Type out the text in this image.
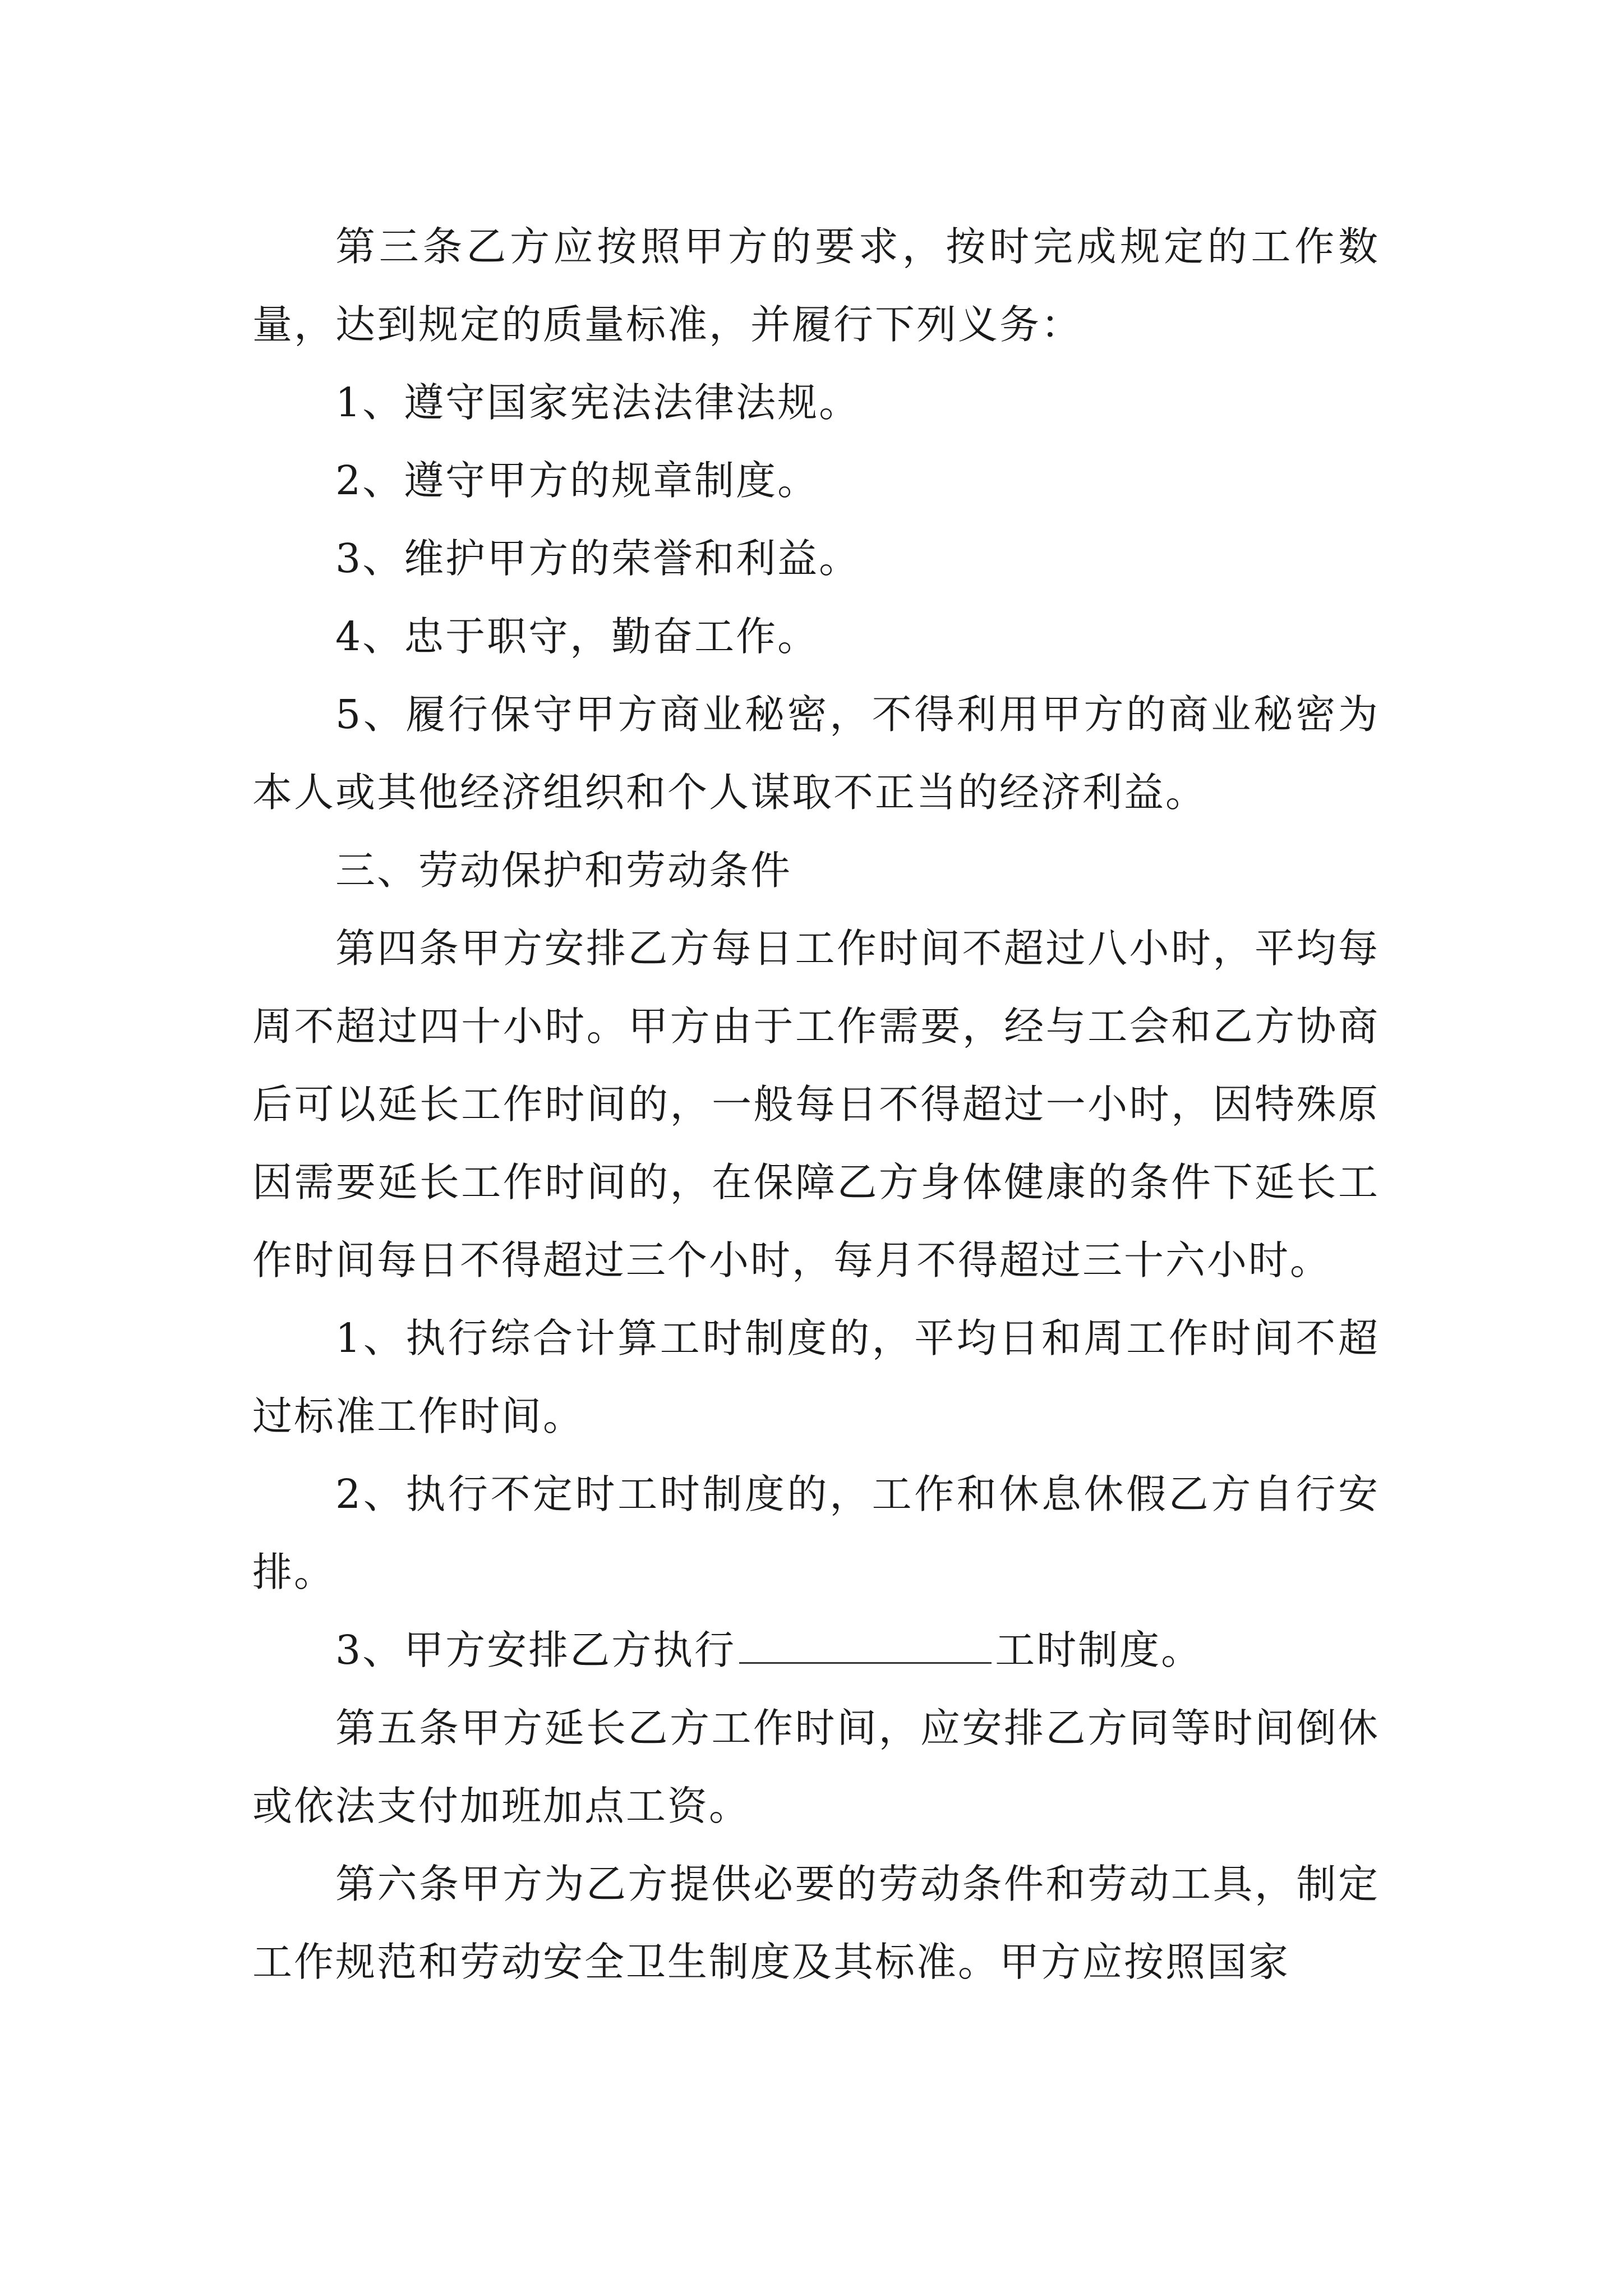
第三条乙方应按照甲方的要求，按时完成规定的工作数量，达到规定的质量标准，并履行下列义务：

1、遵守国家宪法法律法规。

2、遵守甲方的规章制度。

3、维护甲方的荣誉和利益。

4、忠于职守，勤奋工作。

5、履行保守甲方商业秘密，不得利用甲方的商业秘密为本人或其他经济组织和个人谋取不正当的经济利益。

三、劳动保护和劳动条件

第四条甲方安排乙方每日工作时间不超过八小时，平均每周不超过四十小时。甲方由于工作需要，经与工会和乙方协商后可以延长工作时间的，一般每日不得超过一小时，因特殊原因需要延长工作时间的，在保障乙方身体健康的条件下延长工作时间每日不得超过三个小时，每月不得超过三十六小时。

1、执行综合计算工时制度的，平均日和周工作时间不超过标准工作时间。

2、执行不定时工时制度的，工作和休息休假乙方自行安排。

3、甲方安排乙方执行	工时制度。

第五条甲方延长乙方工作时间，应安排乙方同等时间倒休或依法支付加班加点工资。

第六条甲方为乙方提供必要的劳动条件和劳动工具，制定工作规范和劳动安全卫生制度及其标准。甲方应按照国家
